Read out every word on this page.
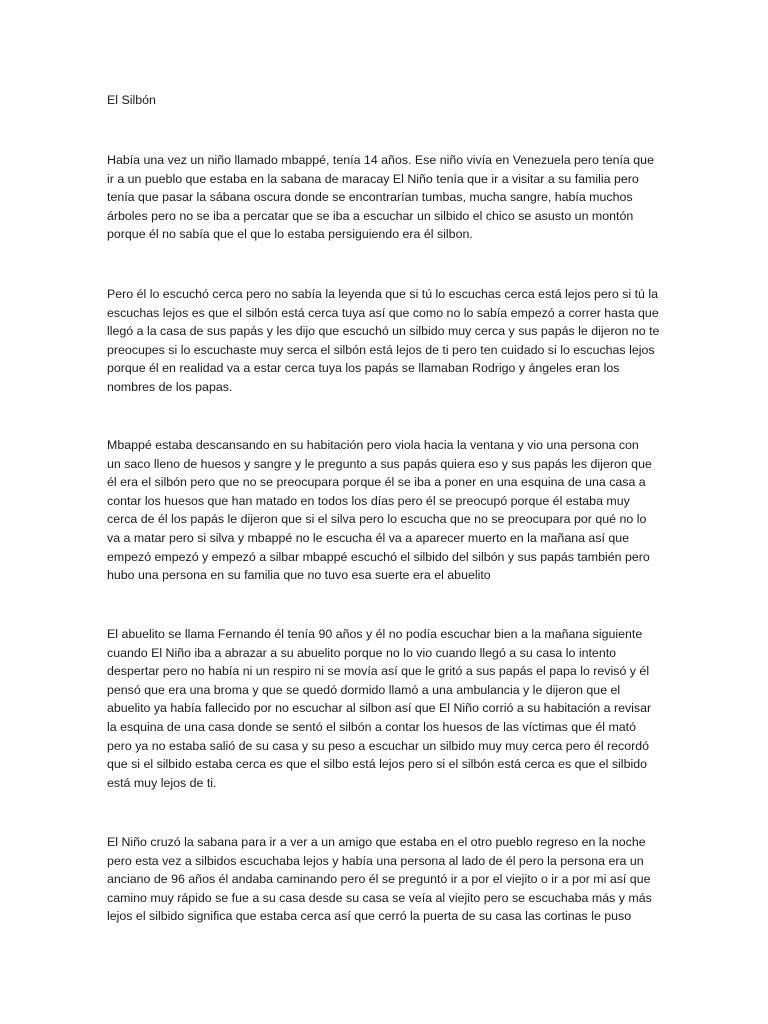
El Silbón

Había una vez un niño llamado mbappé, tenía 14 años. Ese niño vivía en Venezuela pero tenía que
ir a un pueblo que estaba en la sabana de maracay El Niño tenía que ir a visitar a su familia pero
tenía que pasar la sábana oscura donde se encontrarían tumbas, mucha sangre, había muchos
árboles pero no se iba a percatar que se iba a escuchar un silbido el chico se asusto un montón
porque él no sabía que el que lo estaba persiguiendo era él silbon.

Pero él lo escuchó cerca pero no sabía la leyenda que si tú lo escuchas cerca está lejos pero si tú la
escuchas lejos es que el silbón está cerca tuya así que como no lo sabía empezó a correr hasta que
llegó a la casa de sus papás y les dijo que escuchó un silbido muy cerca y sus papás le dijeron no te
preocupes si lo escuchaste muy serca el silbón está lejos de ti pero ten cuidado si lo escuchas lejos
porque él en realidad va a estar cerca tuya los papás se llamaban Rodrigo y ángeles eran los
nombres de los papas.

Mbappé estaba descansando en su habitación pero viola hacia la ventana y vio una persona con
un saco lleno de huesos y sangre y le pregunto a sus papás quiera eso y sus papás les dijeron que
él era el silbón pero que no se preocupara porque él se iba a poner en una esquina de una casa a
contar los huesos que han matado en todos los días pero él se preocupó porque él estaba muy
cerca de él los papás le dijeron que si el silva pero lo escucha que no se preocupara por qué no lo
va a matar pero si silva y mbappé no le escucha él va a aparecer muerto en la mañana así que
empezó empezó y empezó a silbar mbappé escuchó el silbido del silbón y sus papás también pero
hubo una persona en su familia que no tuvo esa suerte era el abuelito

El abuelito se llama Fernando él tenía 90 años y él no podía escuchar bien a la mañana siguiente
cuando El Niño iba a abrazar a su abuelito porque no lo vio cuando llegó a su casa lo intento
despertar pero no había ni un respiro ni se movía así que le gritó a sus papás el papa lo revisó y él
pensó que era una broma y que se quedó dormido llamó a una ambulancia y le dijeron que el
abuelito ya había fallecido por no escuchar al silbon así que El Niño corrió a su habitación a revisar
la esquina de una casa donde se sentó el silbón a contar los huesos de las víctimas que él mató
pero ya no estaba salió de su casa y su peso a escuchar un silbido muy muy cerca pero él recordó
que si el silbido estaba cerca es que el silbo está lejos pero si el silbón está cerca es que el silbido
está muy lejos de ti.

El Niño cruzó la sabana para ir a ver a un amigo que estaba en el otro pueblo regreso en la noche
pero esta vez a silbidos escuchaba lejos y había una persona al lado de él pero la persona era un
anciano de 96 años él andaba caminando pero él se preguntó ir a por el viejito o ir a por mi así que
camino muy rápido se fue a su casa desde su casa se veía al viejito pero se escuchaba más y más
lejos el silbido significa que estaba cerca así que cerró la puerta de su casa las cortinas le puso
